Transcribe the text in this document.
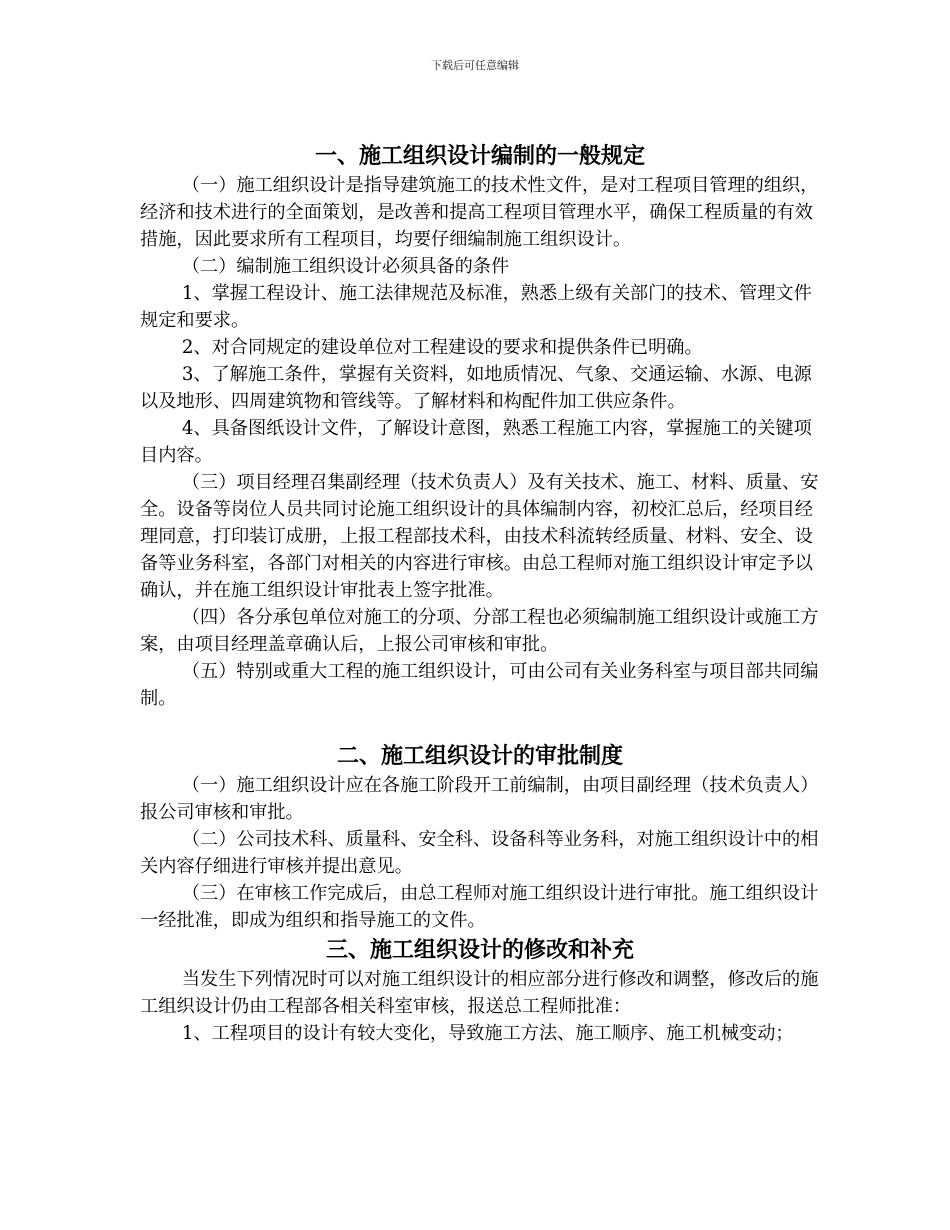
下载后可任意编辑
一、施工组织设计编制的一般规定

（一）施工组织设计是指导建筑施工的技术性文件，是对工程项目管理的组织，经济和技术进行的全面策划，是改善和提高工程项目管理水平，确保工程质量的有效措施，因此要求所有工程项目，均要仔细编制施工组织设计。

（二）编制施工组织设计必须具备的条件

1、掌握工程设计、施工法律规范及标准，熟悉上级有关部门的技术、管理文件规定和要求。

2、对合同规定的建设单位对工程建设的要求和提供条件已明确。

3、了解施工条件，掌握有关资料，如地质情况、气象、交通运输、水源、电源以及地形、四周建筑物和管线等。了解材料和构配件加工供应条件。

4、具备图纸设计文件，了解设计意图，熟悉工程施工内容，掌握施工的关键项目内容。

（三）项目经理召集副经理（技术负责人）及有关技术、施工、材料、质量、安全。设备等岗位人员共同讨论施工组织设计的具体编制内容，初校汇总后，经项目经理同意，打印装订成册，上报工程部技术科，由技术科流转经质量、材料、安全、设备等业务科室，各部门对相关的内容进行审核。由总工程师对施工组织设计审定予以确认，并在施工组织设计审批表上签字批准。

（四）各分承包单位对施工的分项、分部工程也必须编制施工组织设计或施工方案，由项目经理盖章确认后，上报公司审核和审批。

（五）特别或重大工程的施工组织设计，可由公司有关业务科室与项目部共同编制。

二、施工组织设计的审批制度

（一）施工组织设计应在各施工阶段开工前编制，由项目副经理（技术负责人）报公司审核和审批。

（二）公司技术科、质量科、安全科、设备科等业务科，对施工组织设计中的相关内容仔细进行审核并提出意见。

（三）在审核工作完成后，由总工程师对施工组织设计进行审批。施工组织设计一经批准，即成为组织和指导施工的文件。

三、施工组织设计的修改和补充

当发生下列情况时可以对施工组织设计的相应部分进行修改和调整，修改后的施工组织设计仍由工程部各相关科室审核，报送总工程师批准：

1、工程项目的设计有较大变化，导致施工方法、施工顺序、施工机械变动；
